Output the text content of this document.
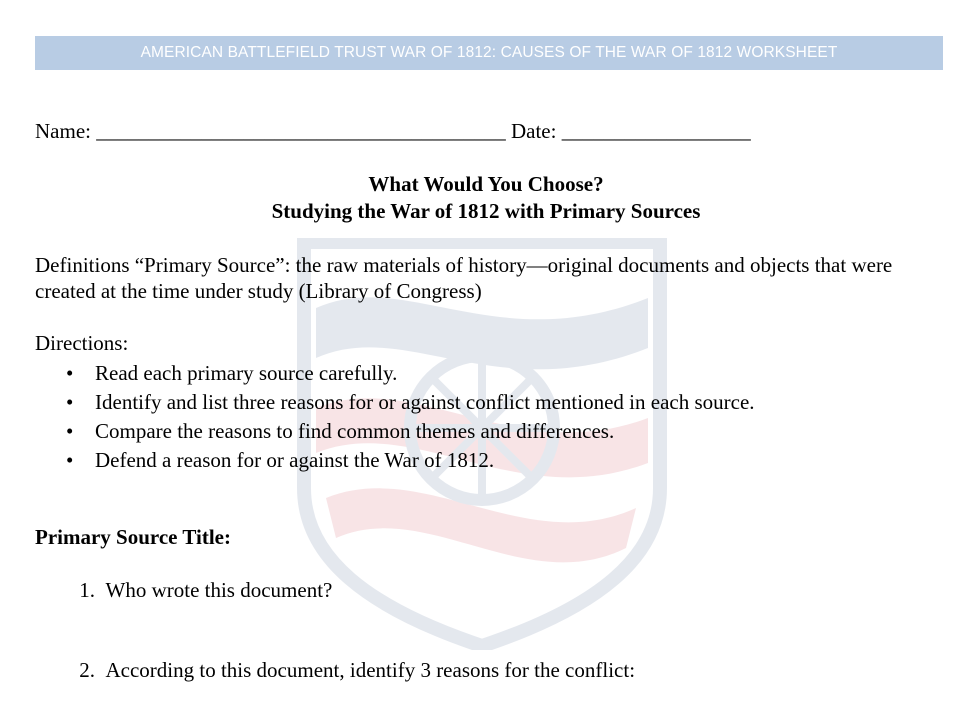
AMERICAN BATTLEFIELD TRUST WAR OF 1812: CAUSES OF THE WAR OF 1812 WORKSHEET
Name: _______________________________________ Date: __________________
What Would You Choose?
Studying the War of 1812 with Primary Sources
Definitions “Primary Source”: the raw materials of history—original documents and objects that were created at the time under study (Library of Congress)
Directions:
• Read each primary source carefully.
• Identify and list three reasons for or against conflict mentioned in each source.
• Compare the reasons to find common themes and differences.
• Defend a reason for or against the War of 1812.
Primary Source Title:
1. Who wrote this document?
2. According to this document, identify 3 reasons for the conflict:
